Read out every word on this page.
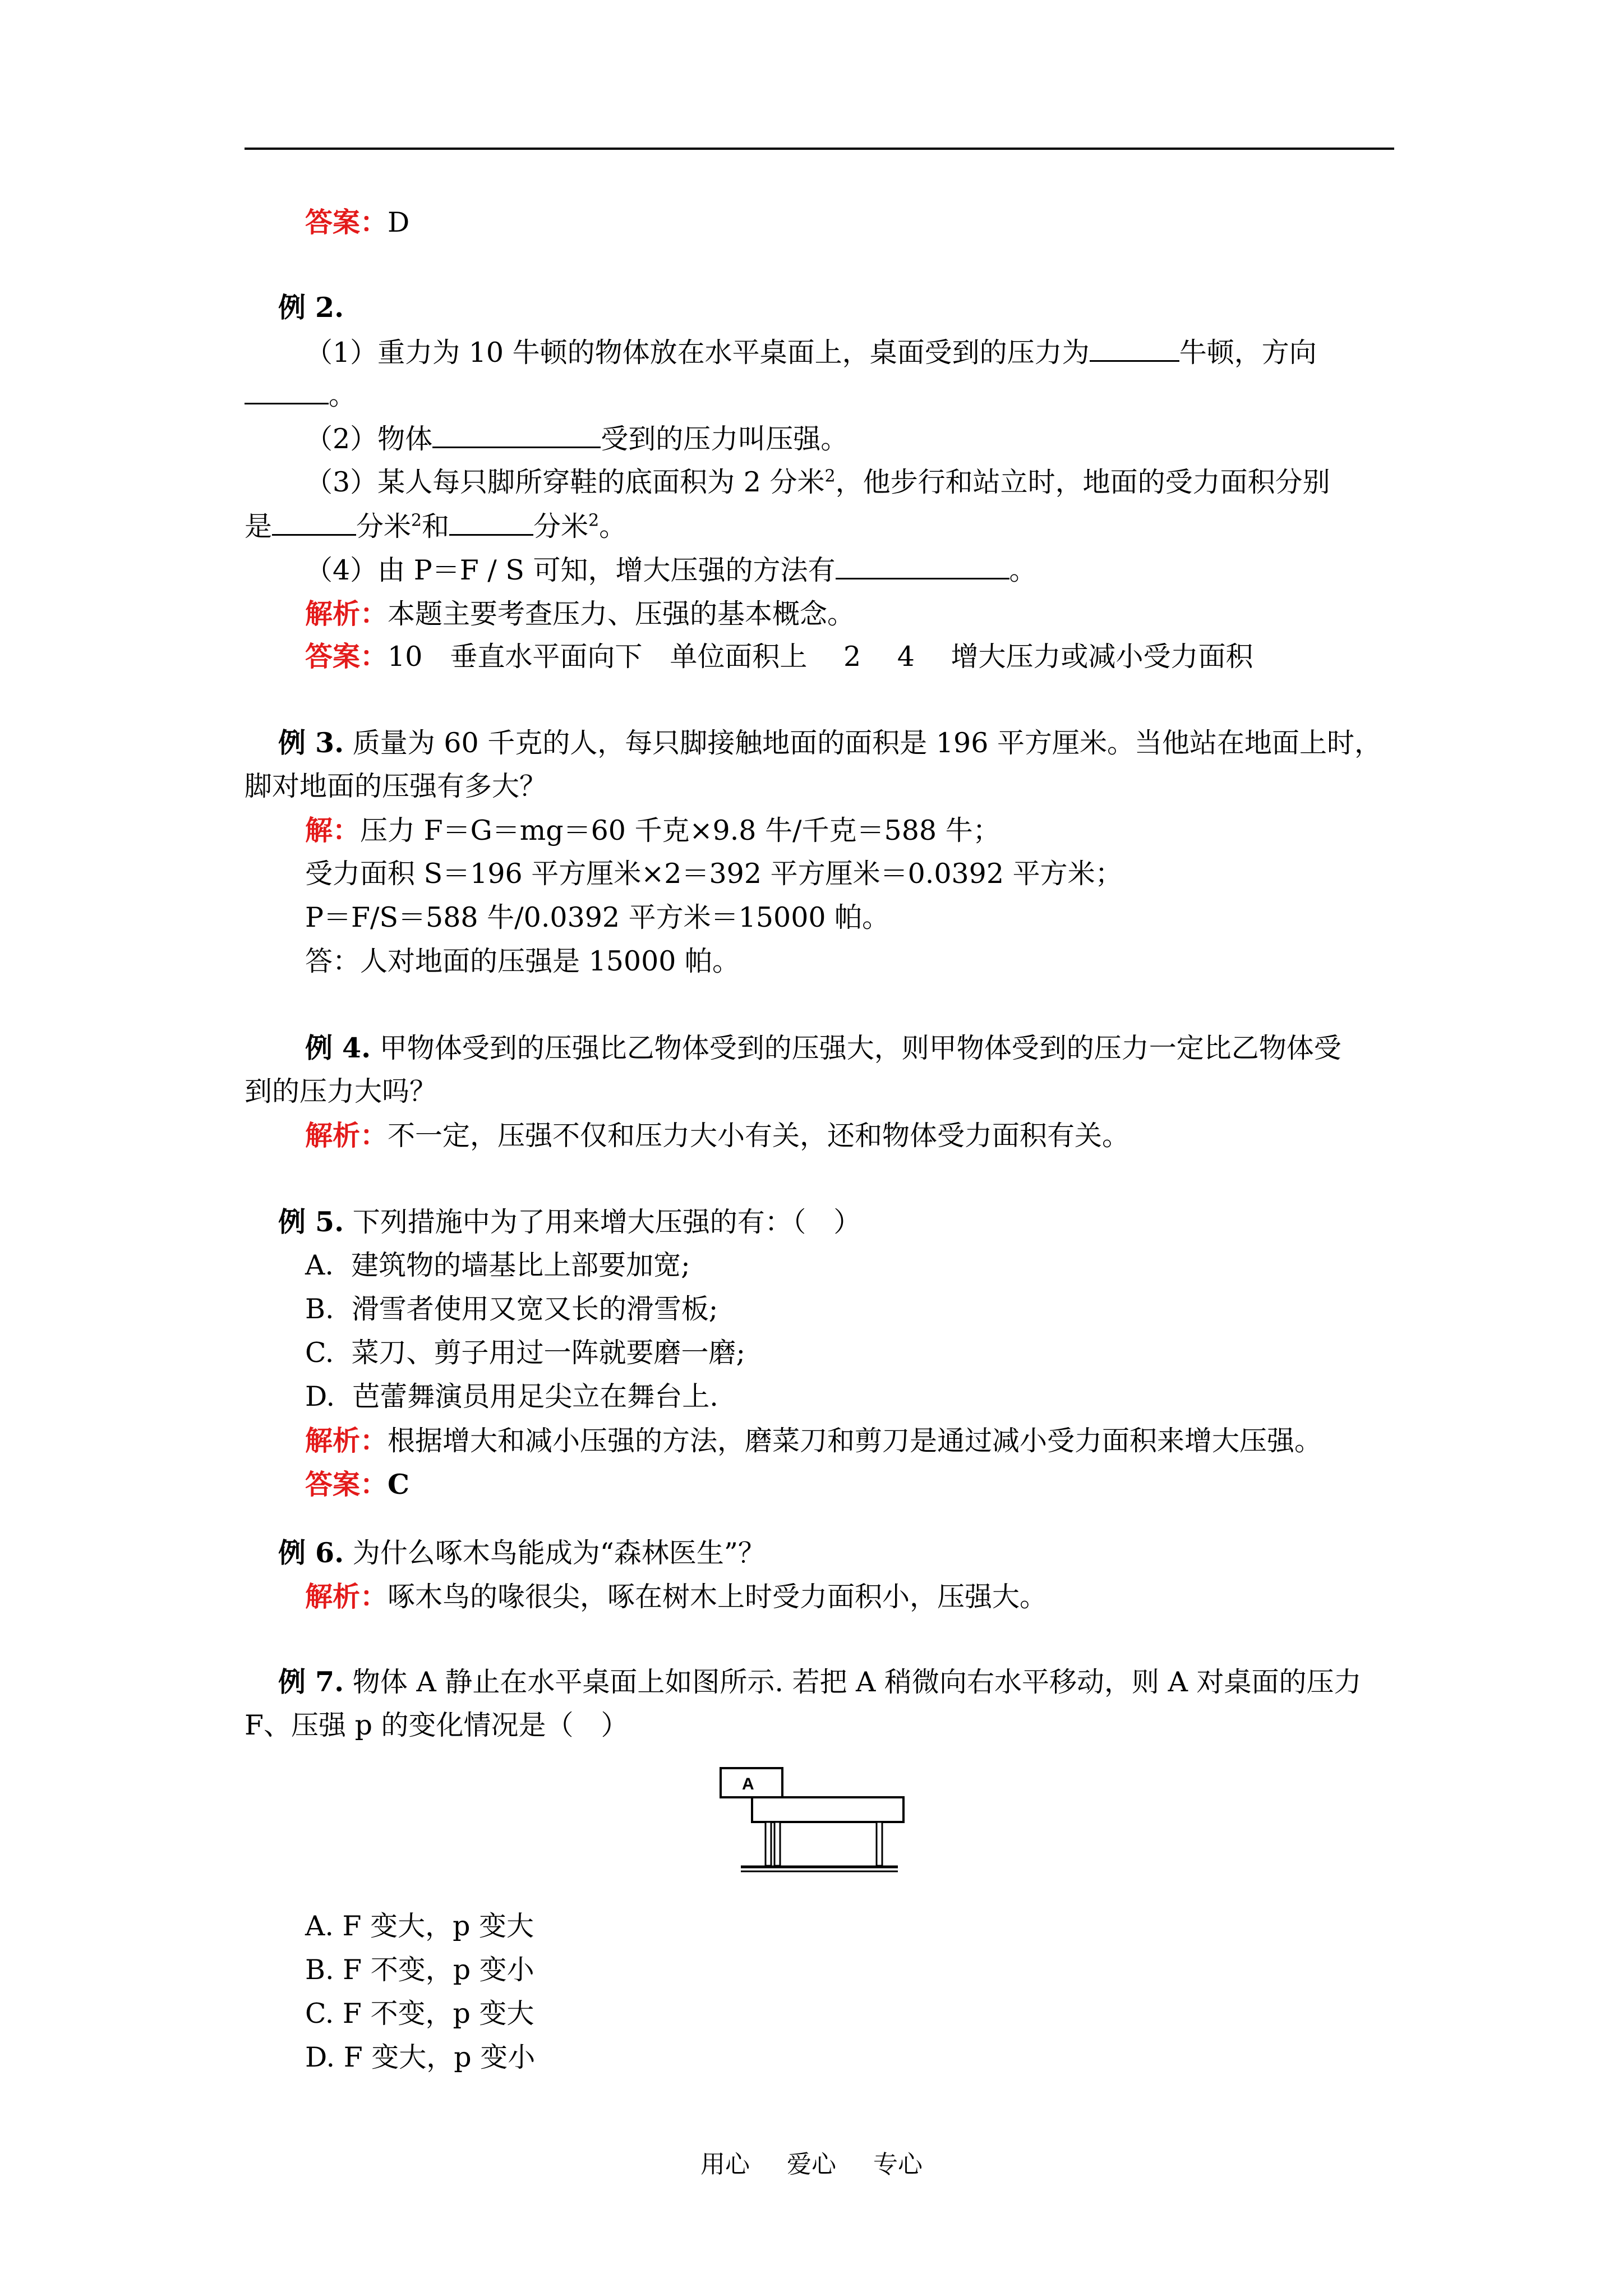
答案：D
例 2.
（1）重力为 10 牛顿的物体放在水平桌面上，桌面受到的压力为	牛顿，方向
。
（2）物体	受到的压力叫压强。
（3）某人每只脚所穿鞋的底面积为 2 分米$^2$，他步行和站立时，地面的受力面积分别
是	分米$^2$和	分米$^2$。
（4）由 P＝F / S 可知，增大压强的方法有	。
解析：本题主要考查压力、压强的基本概念。
答案：10　垂直水平面向下　单位面积上　 2　 4　 增大压力或减小受力面积
例 3. 质量为 60 千克的人，每只脚接触地面的面积是 196 平方厘米。当他站在地面上时，
脚对地面的压强有多大？
解：压力 F＝G＝mg＝60 千克×9.8 牛/千克＝588 牛；
受力面积 S＝196 平方厘米×2＝392 平方厘米＝0.0392 平方米；
P＝F/S＝588 牛/0.0392 平方米＝15000 帕。
答：人对地面的压强是 15000 帕。
例 4. 甲物体受到的压强比乙物体受到的压强大，则甲物体受到的压力一定比乙物体受
到的压力大吗？
解析：不一定，压强不仅和压力大小有关，还和物体受力面积有关。
例 5. 下列措施中为了用来增大压强的有：（　）
A.  建筑物的墙基比上部要加宽;
B.  滑雪者使用又宽又长的滑雪板;
C.  菜刀、剪子用过一阵就要磨一磨;
D.  芭蕾舞演员用足尖立在舞台上.
解析：根据增大和减小压强的方法，磨菜刀和剪刀是通过减小受力面积来增大压强。
答案：C
例 6. 为什么啄木鸟能成为“森林医生”？
解析：啄木鸟的喙很尖，啄在树木上时受力面积小，压强大。
例 7. 物体 A 静止在水平桌面上如图所示. 若把 A 稍微向右水平移动，则 A 对桌面的压力
F、压强 p 的变化情况是（　）
A
A. F 变大，p 变大
B. F 不变，p 变小
C. F 不变，p 变大
D. F 变大，p 变小
用心 爱心 专心
